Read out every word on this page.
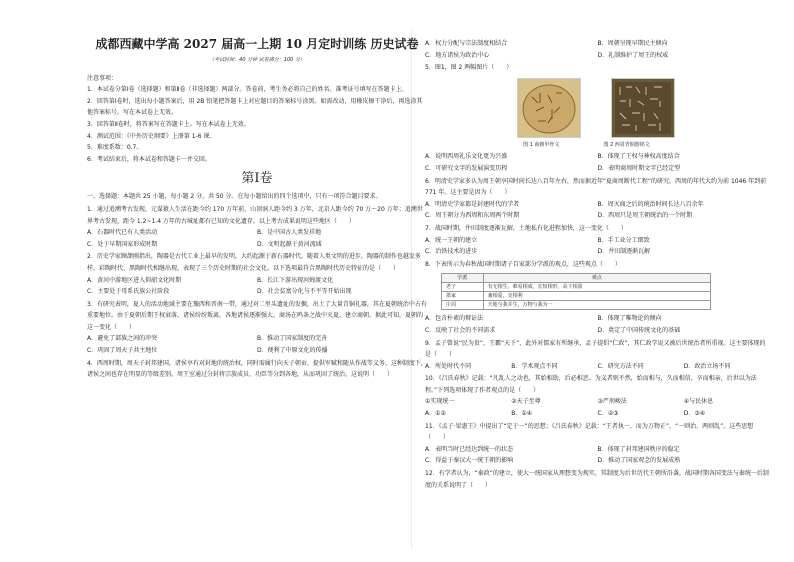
成都西藏中学高 2027 届高一上期 10 月定时训练 历史试卷
（考试时间：40 分钟 试卷满分：100 分）
注意事项：
1．本试卷分第Ⅰ卷（选择题）和第Ⅱ卷（非选择题）两部分。答卷前，考生务必将自己的姓名、准考证号填写在答题卡上。
2．回答第Ⅰ卷时，选出每小题答案后，用 2B 铅笔把答题卡上对应题目的答案标号涂黑。如需改动，用橡皮擦干净后，再选涂其他答案标号。写在本试卷上无效。
3．回答第Ⅱ卷时，将答案写在答题卡上。写在本试卷上无效。
4．测试范围：《中外历史纲要》上册第 1-6 课。
5．难度系数：0.7。
6．考试结束后，将本试卷和答题卡一并交回。
第Ⅰ卷
一、选择题：本题共 25 小题，每小题 2 分，共 50 分。在每小题给出的四个选项中，只有一项符合题目要求。
1．通过追溯考古发现，元谋猿人生活在距今约 170 万年前，山顶洞人距今约 3 万年，北京人距今约 70 万～20 万年；追溯世界考古发现，距今 1.2~1.4 万年的古城址都有已知的文化遗存。以上考古成果说明这些地区（　　）
A．石器时代已有人类活动	B．是中国古人类发祥地
C．处于早期国家形成时期	D．文明起源于黄河流域
2．历史学家顾颉刚指出，陶器是古代工业上最早的发明，大约起源于新石器时代。随着人类文明的进步，陶器的制作也越发多样，彩陶时代、黑陶时代相继出现，表现了三个历史时期的社会文化。以下选项最符合黑陶时代历史特征的是（　　）
A．黄河中游地区进入仰韶文化时期	B．长江下游出现河姆渡文化
C．主要处于母系氏族公社阶段	D．社会贫富分化与不平等开始出现
3．有研究表明，夏人的活动地域主要在豫西和晋南一带，通过对二里头遗址的发掘，出土了大量青铜礼器，其在夏朝统治中占有重要地位。由于夏朝后期王权衰落，诸侯纷纷叛离，各地诸侯逐渐强大。商汤在鸣条之战中灭夏，建立商朝。据此可知，夏朝的这一变化（　　）
A．避免了部族之间的冲突	B．推动了国家制度的完善
C．巩固了周天子共主地位	D．便利了中原文化的传播
4．西周时期，周天子封邦建国，诸侯享有对封地的统治权，同时需履行向天子朝贡、提供军赋和随从作战等义务。这种制度下，诸侯之间也存在明显的等级差别。周王室通过分封将宗族成员、功臣等分到各地，从而巩固了统治。这说明（　　）
A．权力分配与宗法制度相结合	B．周朝呈现早期民主倾向
C．地方诸侯为政治中心	D．礼制维护了周王的权威
5．图1，图 2 两幅图片（　　）
图 1 商朝甲骨文	图 2 西周青铜器铭文
A．说明西周礼乐文化更为兴盛	B．体现了王权与神权高度结合
C．可研究文字的发展演变历程	D．表明商周时期文字已经定型
6．明清史学家多认为周王朝享国时间长达八百年左右，然而据近年“夏商周断代工程”的研究，西周的年代大约为前 1046 年到前 771 年。这主要是因为（　　）
A．明清史学家都是封建时代的学者	B．周灭商之后的统治时间长达八百余年
C．周王朝分为西周和东周两个时期	D．西周只是周王朝统治的一个时期
7．战国时期，井田制度逐渐瓦解，土地私有化进程加快，这一变化（　　）
A．统一王朝的建立	B．手工业分工细致
C．冶铁技术的进步	D．井田制逐渐瓦解
8．下表所示为春秋战国时期诸子百家部分学派的观点，这些观点（　　）
学派	观点
老子	有无相生，难易相成，长短相形，高下相盈
墨家	兼相爱，交相利
庄周	天地与我并生，万物与我为一
A．包含朴素的辩证法	B．体现了唯物论的倾向
C．反映了社会的不同需求	D．奠定了中国传统文化的基础
9．孟子曾说“民为贵”，王霸“天下”，此外对儒家有所继承，孟子提倡“仁政”，其仁政学说又被后世统治者所重视。这主要体现的是（　　）
A．所处时代不同	B．学术观点不同	C．研究方法不同	D．政治立场不同
10．《吕氏春秋》记载：“凡乱人之动也，其始相助，后必相恶。为义者则不然，始而相与，久而相信，卒而相亲，后世以为法程。”下列选项体现了作者观点的是（　　）
①实现统一	②天子至尊	③严刑峻法	④与民休息
A．①②	B．①④	C．②③	D．③④
11．《孟子·梁惠王》中提出了“定于一”的思想；《吕氏春秋》记载：“王者执一，而为万物正”，“一则治，两则乱”。这些思想（　　）
A．表明当时已经达到统一的状态	B．体现了封邦建国秩序的稳定
C．得益于秦汉大一统王朝的影响	D．推动了国家观念的发展成熟
12．有学者认为，“秦政”的建立，使大一统国家从理想变为现实，其制度为后世历代王朝所沿袭。战国时期各国变法与秦统一后制度的关系说明了（　　）
